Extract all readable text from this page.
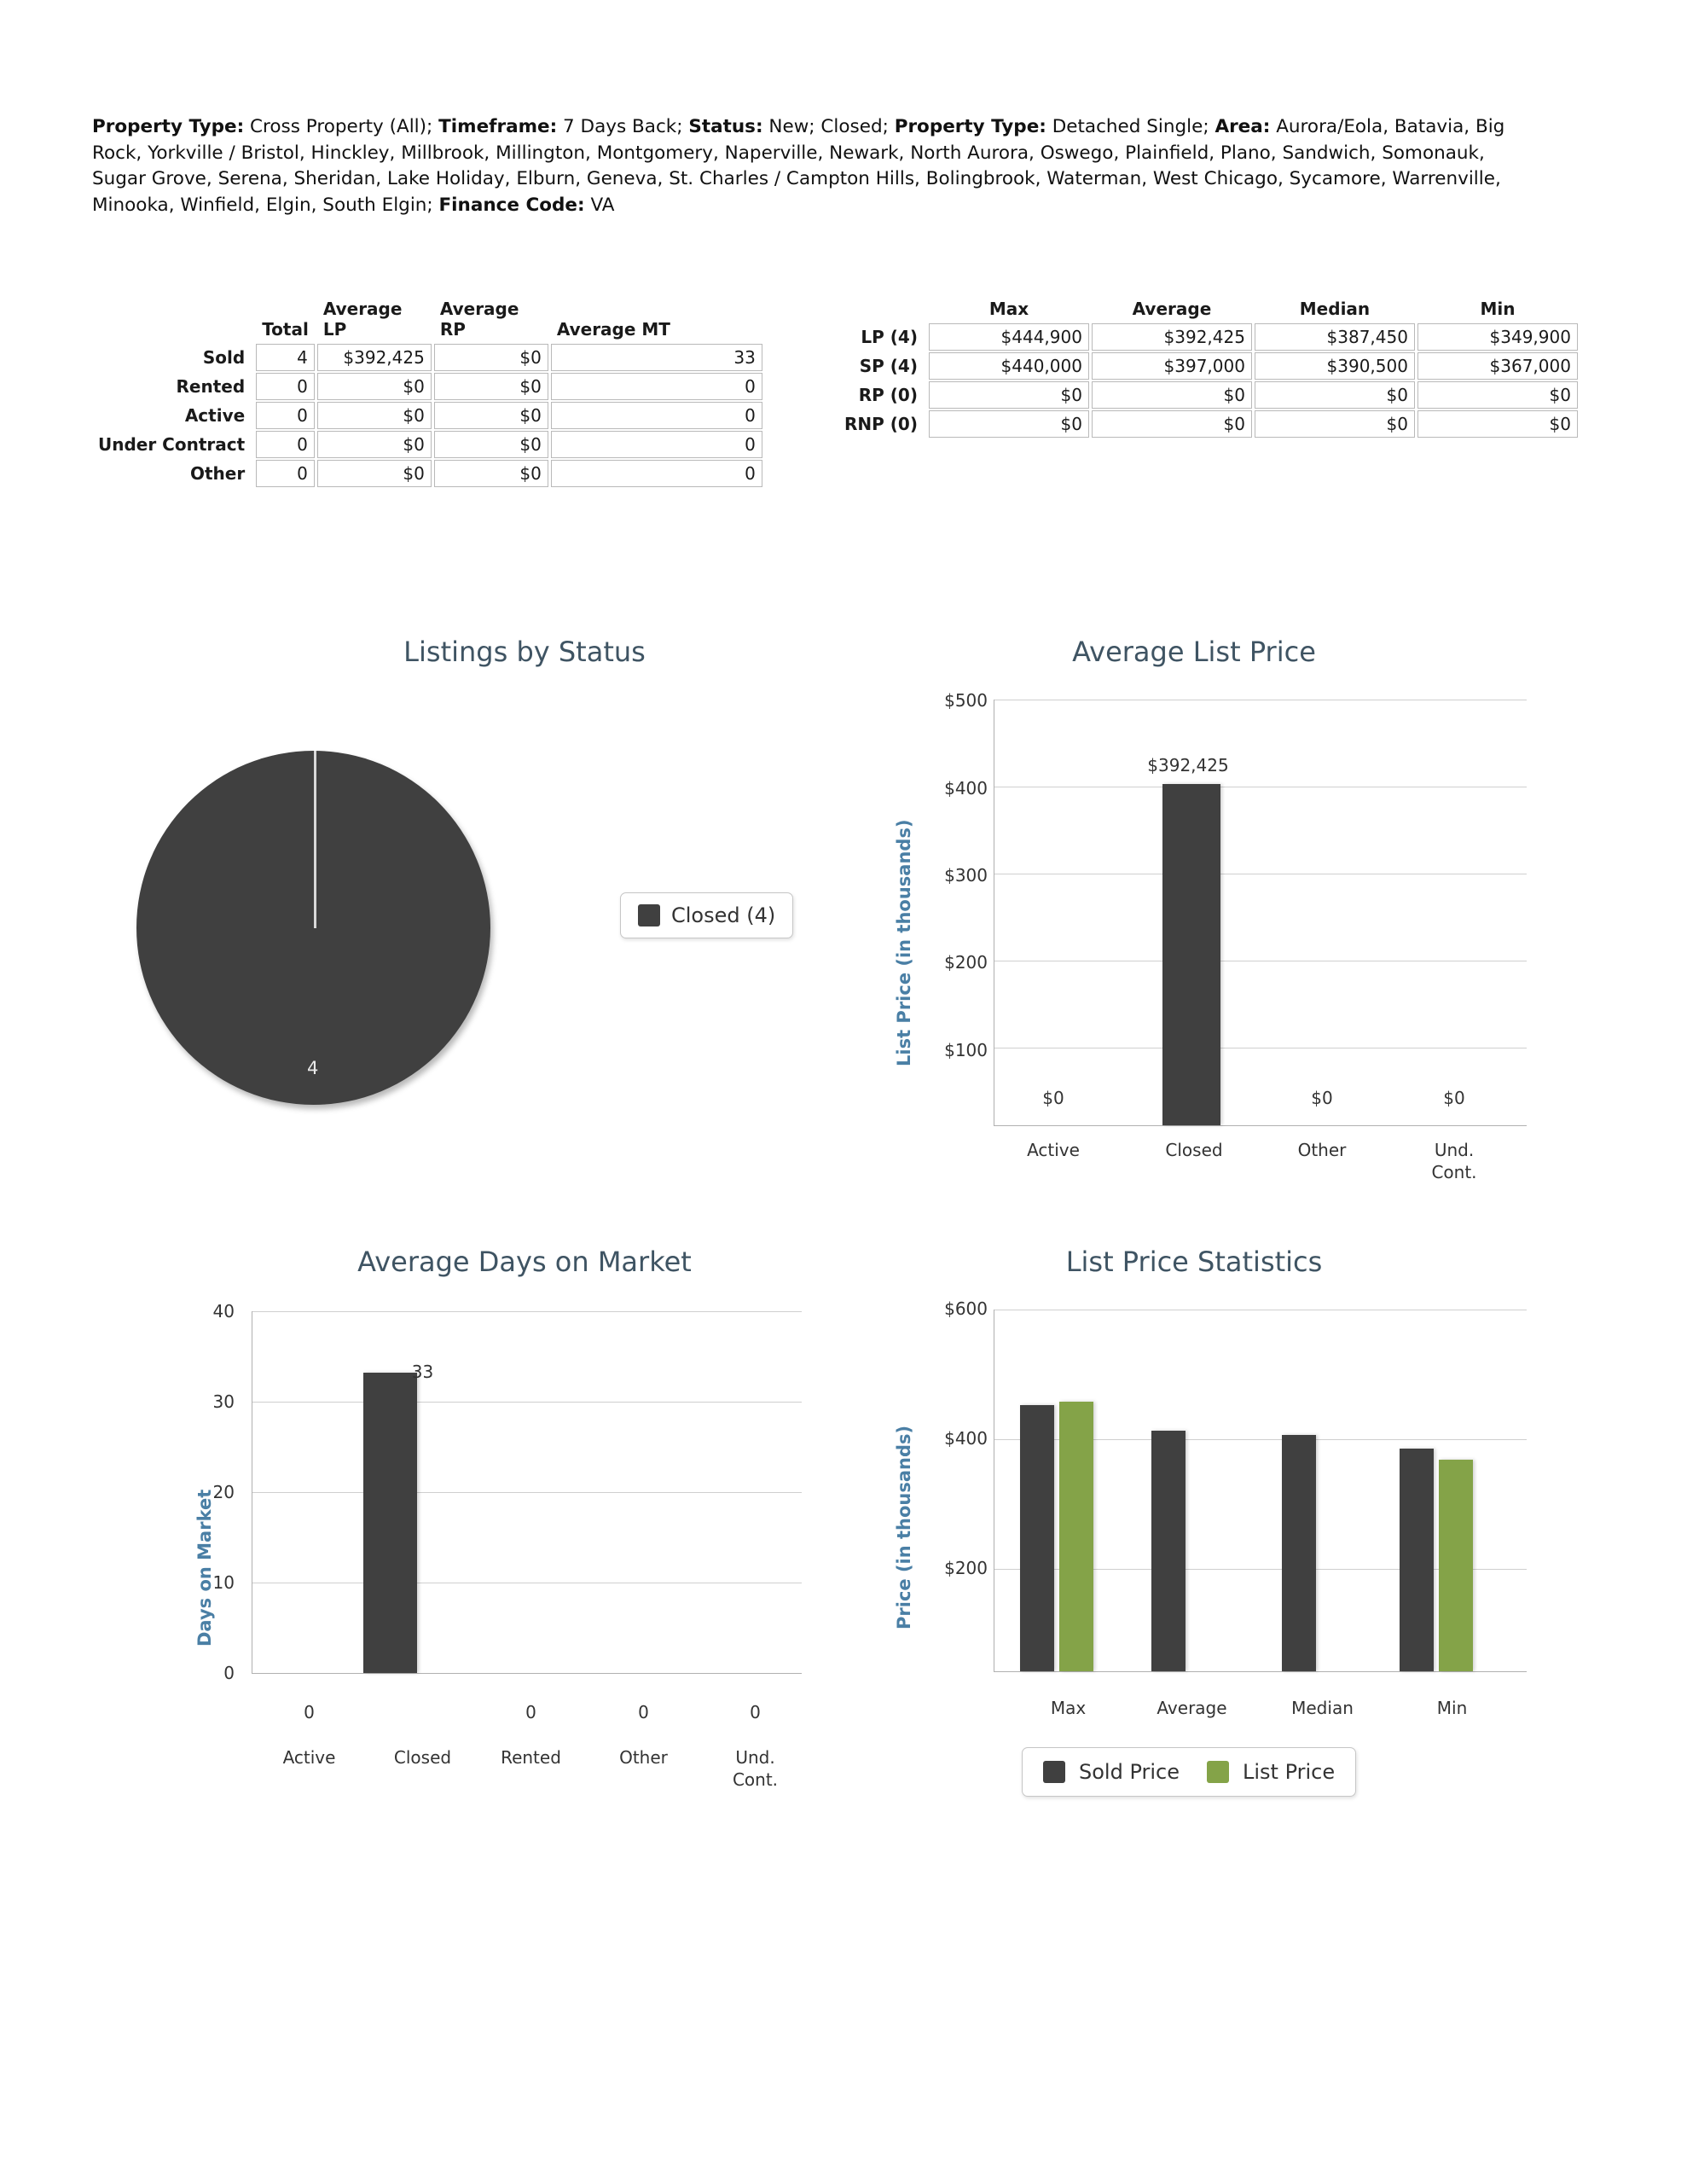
Property Type: Cross Property (All); Timeframe: 7 Days Back; Status: New; Closed; Property Type: Detached Single; Area: Aurora/Eola, Batavia, Big Rock, Yorkville / Bristol, Hinckley, Millbrook, Millington, Montgomery, Naperville, Newark, North Aurora, Oswego, Plainfield, Plano, Sandwich, Somonauk, Sugar Grove, Serena, Sheridan, Lake Holiday, Elburn, Geneva, St. Charles / Campton Hills, Bolingbrook, Waterman, West Chicago, Sycamore, Warrenville, Minooka, Winfield, Elgin, South Elgin; Finance Code: VA
	Total	Average LP	Average RP	Average MT
Sold	4	$392,425	$0	33
Rented	0	$0	$0	0
Active	0	$0	$0	0
Under Contract	0	$0	$0	0
Other	0	$0	$0	0
	Max	Average	Median	Min
LP (4)	$444,900	$392,425	$387,450	$349,900
SP (4)	$440,000	$397,000	$390,500	$367,000
RP (0)	$0	$0	$0	$0
RNP (0)	$0	$0	$0	$0
Listings by Status
4
Closed (4)
Average List Price
List Price (in thousands)
$500
$400
$300
$200
$100
$0
$392,425
$0	$0
Active	Closed	Other	Und.
Cont.
Average Days on Market
Days on Market
40
30
20
10
0
0
33
0	0	0
Active	Closed	Rented	Other	Und.
Cont.
List Price Statistics
Price (in thousands)
$600
$400
$200
Max	Average	Median	Min
Sold Price	List Price
